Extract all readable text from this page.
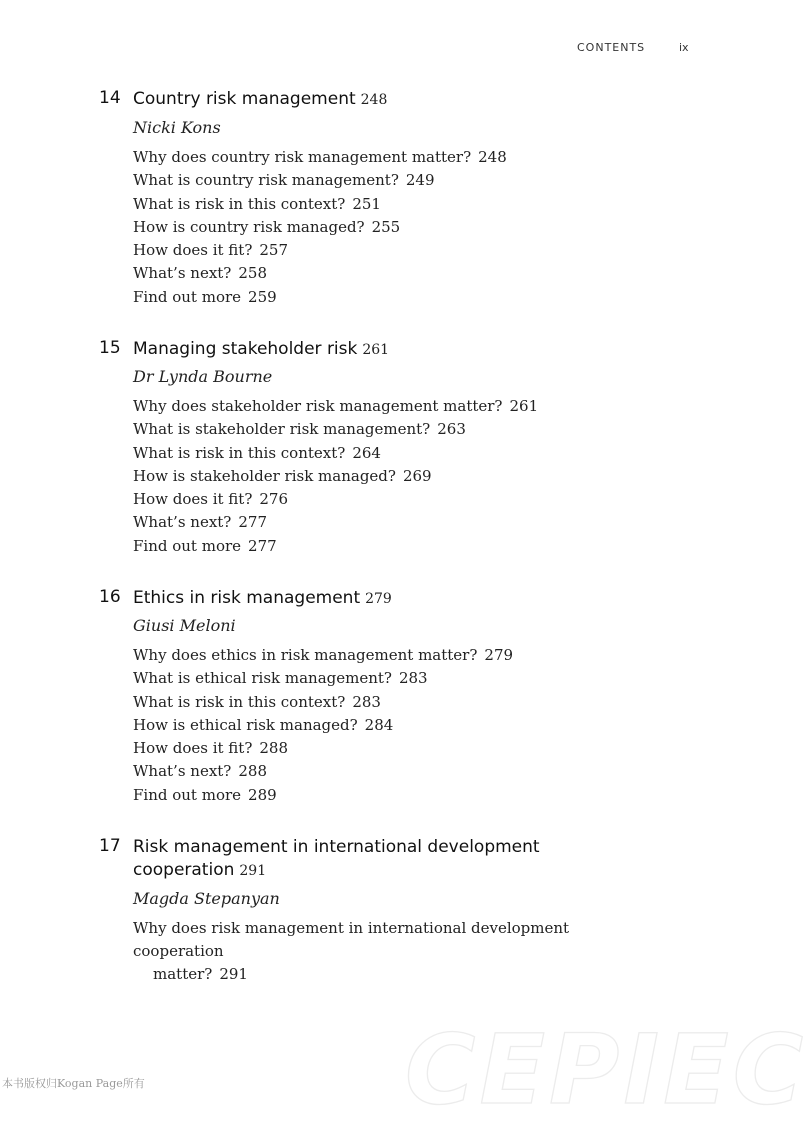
CONTENTS	ix
14 Country risk management 248
Nicki Kons
Why does country risk management matter? 248
What is country risk management? 249
What is risk in this context? 251
How is country risk managed? 255
How does it fit? 257
What’s next? 258
Find out more 259
15 Managing stakeholder risk 261
Dr Lynda Bourne
Why does stakeholder risk management matter? 261
What is stakeholder risk management? 263
What is risk in this context? 264
How is stakeholder risk managed? 269
How does it fit? 276
What’s next? 277
Find out more 277
16 Ethics in risk management 279
Giusi Meloni
Why does ethics in risk management matter? 279
What is ethical risk management? 283
What is risk in this context? 283
How is ethical risk managed? 284
How does it fit? 288
What’s next? 288
Find out more 289
17 Risk management in international development
cooperation 291
Magda Stepanyan
Why does risk management in international development cooperation
matter? 291
CEPIEC
本书版权归Kogan Page所有
